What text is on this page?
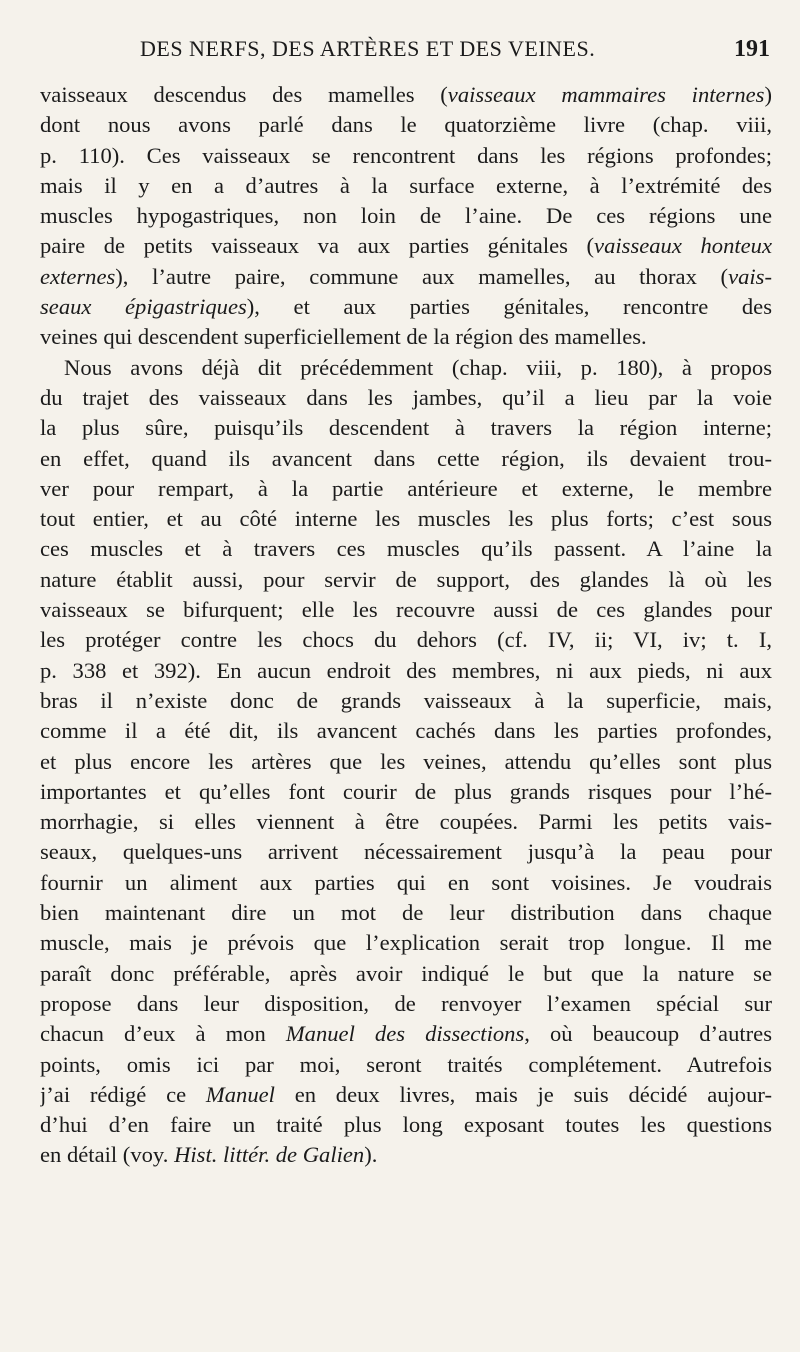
DES NERFS, DES ARTÈRES ET DES VEINES.	191
vaisseaux descendus des mamelles (vaisseaux mammaires internes)
dont nous avons parlé dans le quatorzième livre (chap. viii,
p. 110). Ces vaisseaux se rencontrent dans les régions profondes;
mais il y en a d’autres à la surface externe, à l’extrémité des
muscles hypogastriques, non loin de l’aine. De ces régions une
paire de petits vaisseaux va aux parties génitales (vaisseaux honteux
externes), l’autre paire, commune aux mamelles, au thorax (vais-
seaux épigastriques), et aux parties génitales, rencontre des
veines qui descendent superficiellement de la région des mamelles.
Nous avons déjà dit précédemment (chap. viii, p. 180), à propos
du trajet des vaisseaux dans les jambes, qu’il a lieu par la voie
la plus sûre, puisqu’ils descendent à travers la région interne;
en effet, quand ils avancent dans cette région, ils devaient trou-
ver pour rempart, à la partie antérieure et externe, le membre
tout entier, et au côté interne les muscles les plus forts; c’est sous
ces muscles et à travers ces muscles qu’ils passent. A l’aine la
nature établit aussi, pour servir de support, des glandes là où les
vaisseaux se bifurquent; elle les recouvre aussi de ces glandes pour
les protéger contre les chocs du dehors (cf. IV, ii; VI, iv; t. I,
p. 338 et 392). En aucun endroit des membres, ni aux pieds, ni aux
bras il n’existe donc de grands vaisseaux à la superficie, mais,
comme il a été dit, ils avancent cachés dans les parties profondes,
et plus encore les artères que les veines, attendu qu’elles sont plus
importantes et qu’elles font courir de plus grands risques pour l’hé-
morrhagie, si elles viennent à être coupées. Parmi les petits vais-
seaux, quelques-uns arrivent nécessairement jusqu’à la peau pour
fournir un aliment aux parties qui en sont voisines. Je voudrais
bien maintenant dire un mot de leur distribution dans chaque
muscle, mais je prévois que l’explication serait trop longue. Il me
paraît donc préférable, après avoir indiqué le but que la nature se
propose dans leur disposition, de renvoyer l’examen spécial sur
chacun d’eux à mon Manuel des dissections, où beaucoup d’autres
points, omis ici par moi, seront traités complétement. Autrefois
j’ai rédigé ce Manuel en deux livres, mais je suis décidé aujour-
d’hui d’en faire un traité plus long exposant toutes les questions
en détail (voy. Hist. littér. de Galien).
